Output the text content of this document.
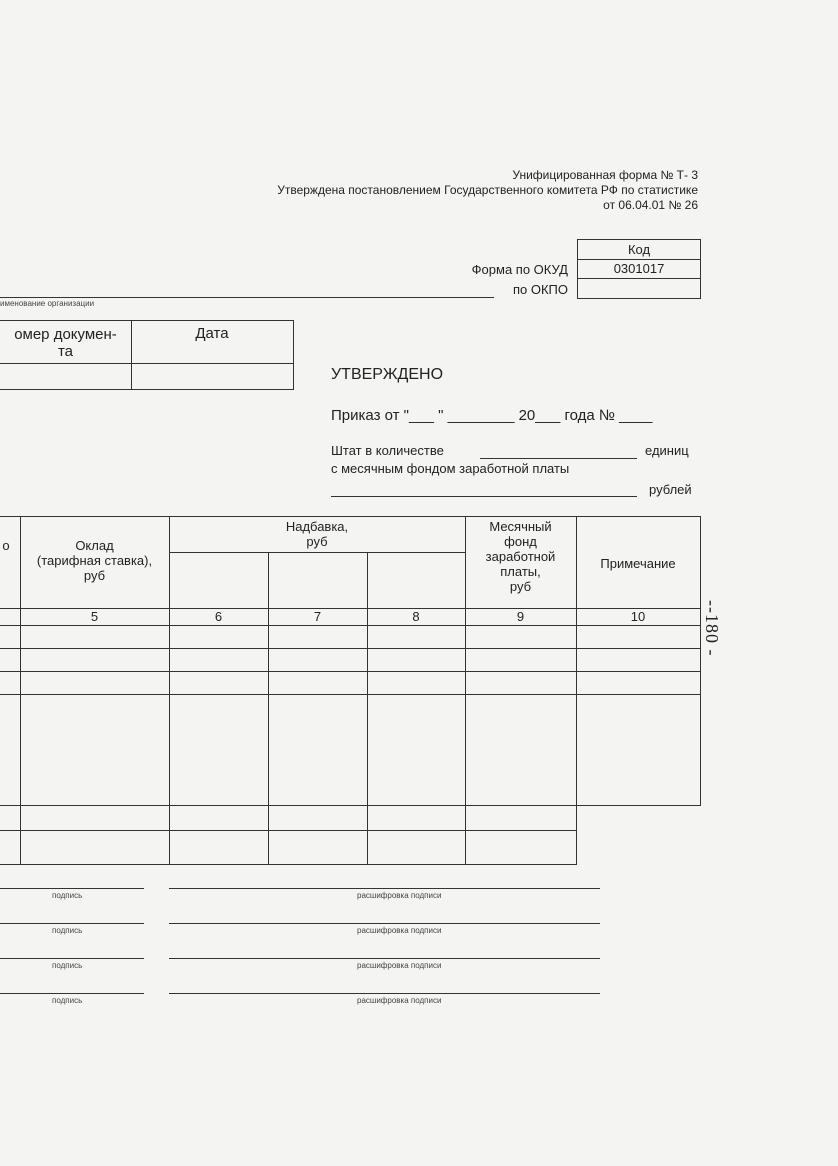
Унифицированная форма № Т- 3
Утверждена постановлением Государственного комитета РФ по статистике
от 06.04.01 № 26
Код
0301017
Форма по ОКУД
по ОКПО
именование организации
омер докумен-
та
Дата
УТВЕРЖДЕНО
Приказ от "___ " ________ 20___ года № ____
Штат в количестве	единиц
с месячным фондом заработной платы
рублей
о	Оклад
(тарифная ставка),
руб
Надбавка,
руб
Месячный
фонд
заработной
платы,
руб
Примечание
5	6	7	8	9	10
подпись	расшифровка подписи
подпись	расшифровка подписи
подпись	расшифровка подписи
подпись	расшифровка подписи
--180 -
